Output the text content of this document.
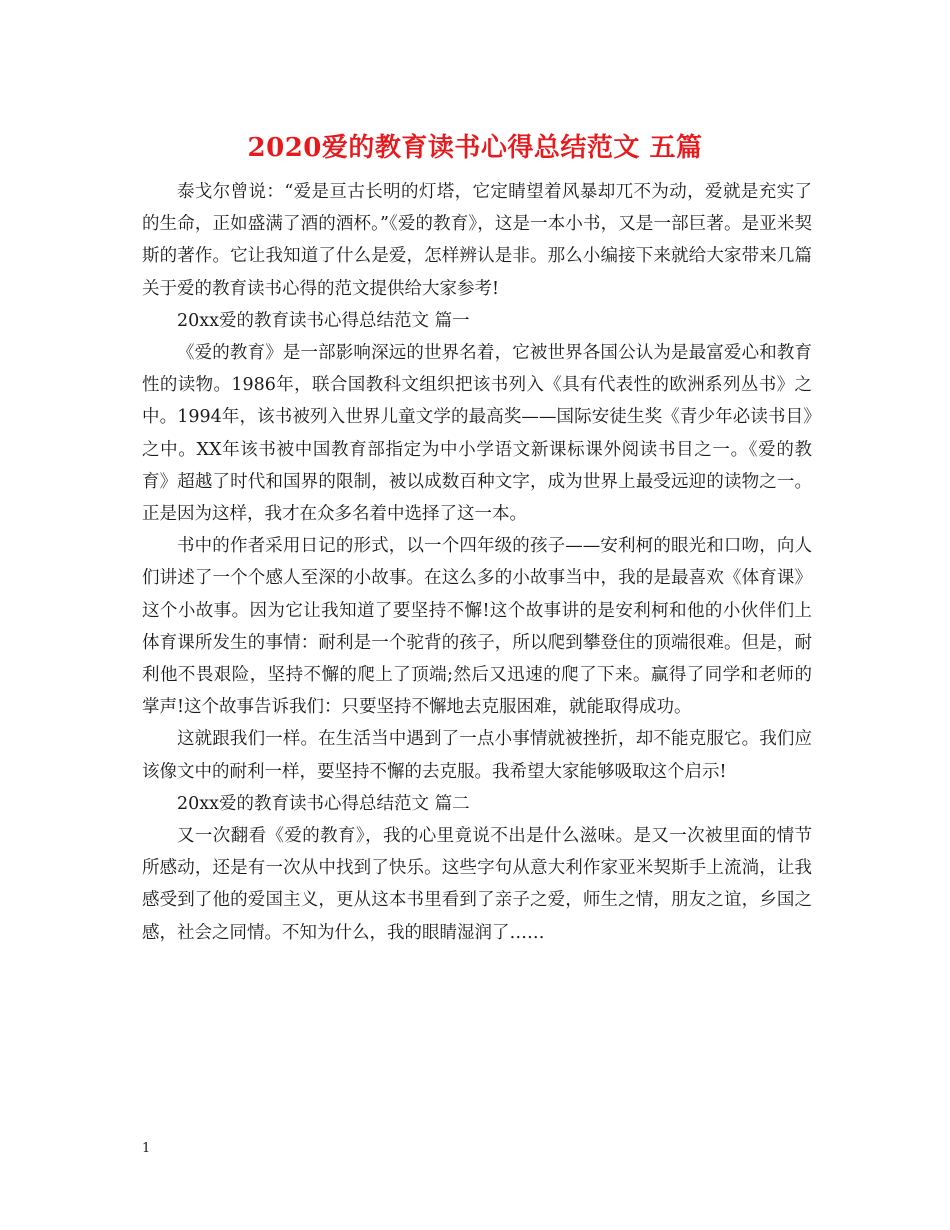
2020爱的教育读书心得总结范文 五篇

泰戈尔曾说：“爱是亘古长明的灯塔，它定睛望着风暴却兀不为动，爱就是充实了的生命，正如盛满了酒的酒杯。”《爱的教育》，这是一本小书，又是一部巨著。是亚米契斯的著作。它让我知道了什么是爱，怎样辨认是非。那么小编接下来就给大家带来几篇关于爱的教育读书心得的范文提供给大家参考!

20xx爱的教育读书心得总结范文 篇一

《爱的教育》是一部影响深远的世界名着，它被世界各国公认为是最富爱心和教育性的读物。1986年，联合国教科文组织把该书列入《具有代表性的欧洲系列丛书》之中。1994年，该书被列入世界儿童文学的最高奖——国际安徒生奖《青少年必读书目》之中。XX年该书被中国教育部指定为中小学语文新课标课外阅读书目之一。《爱的教育》超越了时代和国界的限制，被以成数百种文字，成为世界上最受远迎的读物之一。正是因为这样，我才在众多名着中选择了这一本。

书中的作者采用日记的形式，以一个四年级的孩子——安利柯的眼光和口吻，向人们讲述了一个个感人至深的小故事。在这么多的小故事当中，我的是最喜欢《体育课》这个小故事。因为它让我知道了要坚持不懈!这个故事讲的是安利柯和他的小伙伴们上体育课所发生的事情：耐利是一个驼背的孩子，所以爬到攀登住的顶端很难。但是，耐利他不畏艰险，坚持不懈的爬上了顶端;然后又迅速的爬了下来。赢得了同学和老师的掌声!这个故事告诉我们：只要坚持不懈地去克服困难，就能取得成功。

这就跟我们一样。在生活当中遇到了一点小事情就被挫折，却不能克服它。我们应该像文中的耐利一样，要坚持不懈的去克服。我希望大家能够吸取这个启示!

20xx爱的教育读书心得总结范文 篇二

又一次翻看《爱的教育》，我的心里竟说不出是什么滋味。是又一次被里面的情节所感动，还是有一次从中找到了快乐。这些字句从意大利作家亚米契斯手上流淌，让我感受到了他的爱国主义，更从这本书里看到了亲子之爱，师生之情，朋友之谊，乡国之感，社会之同情。不知为什么，我的眼睛湿润了……

1
